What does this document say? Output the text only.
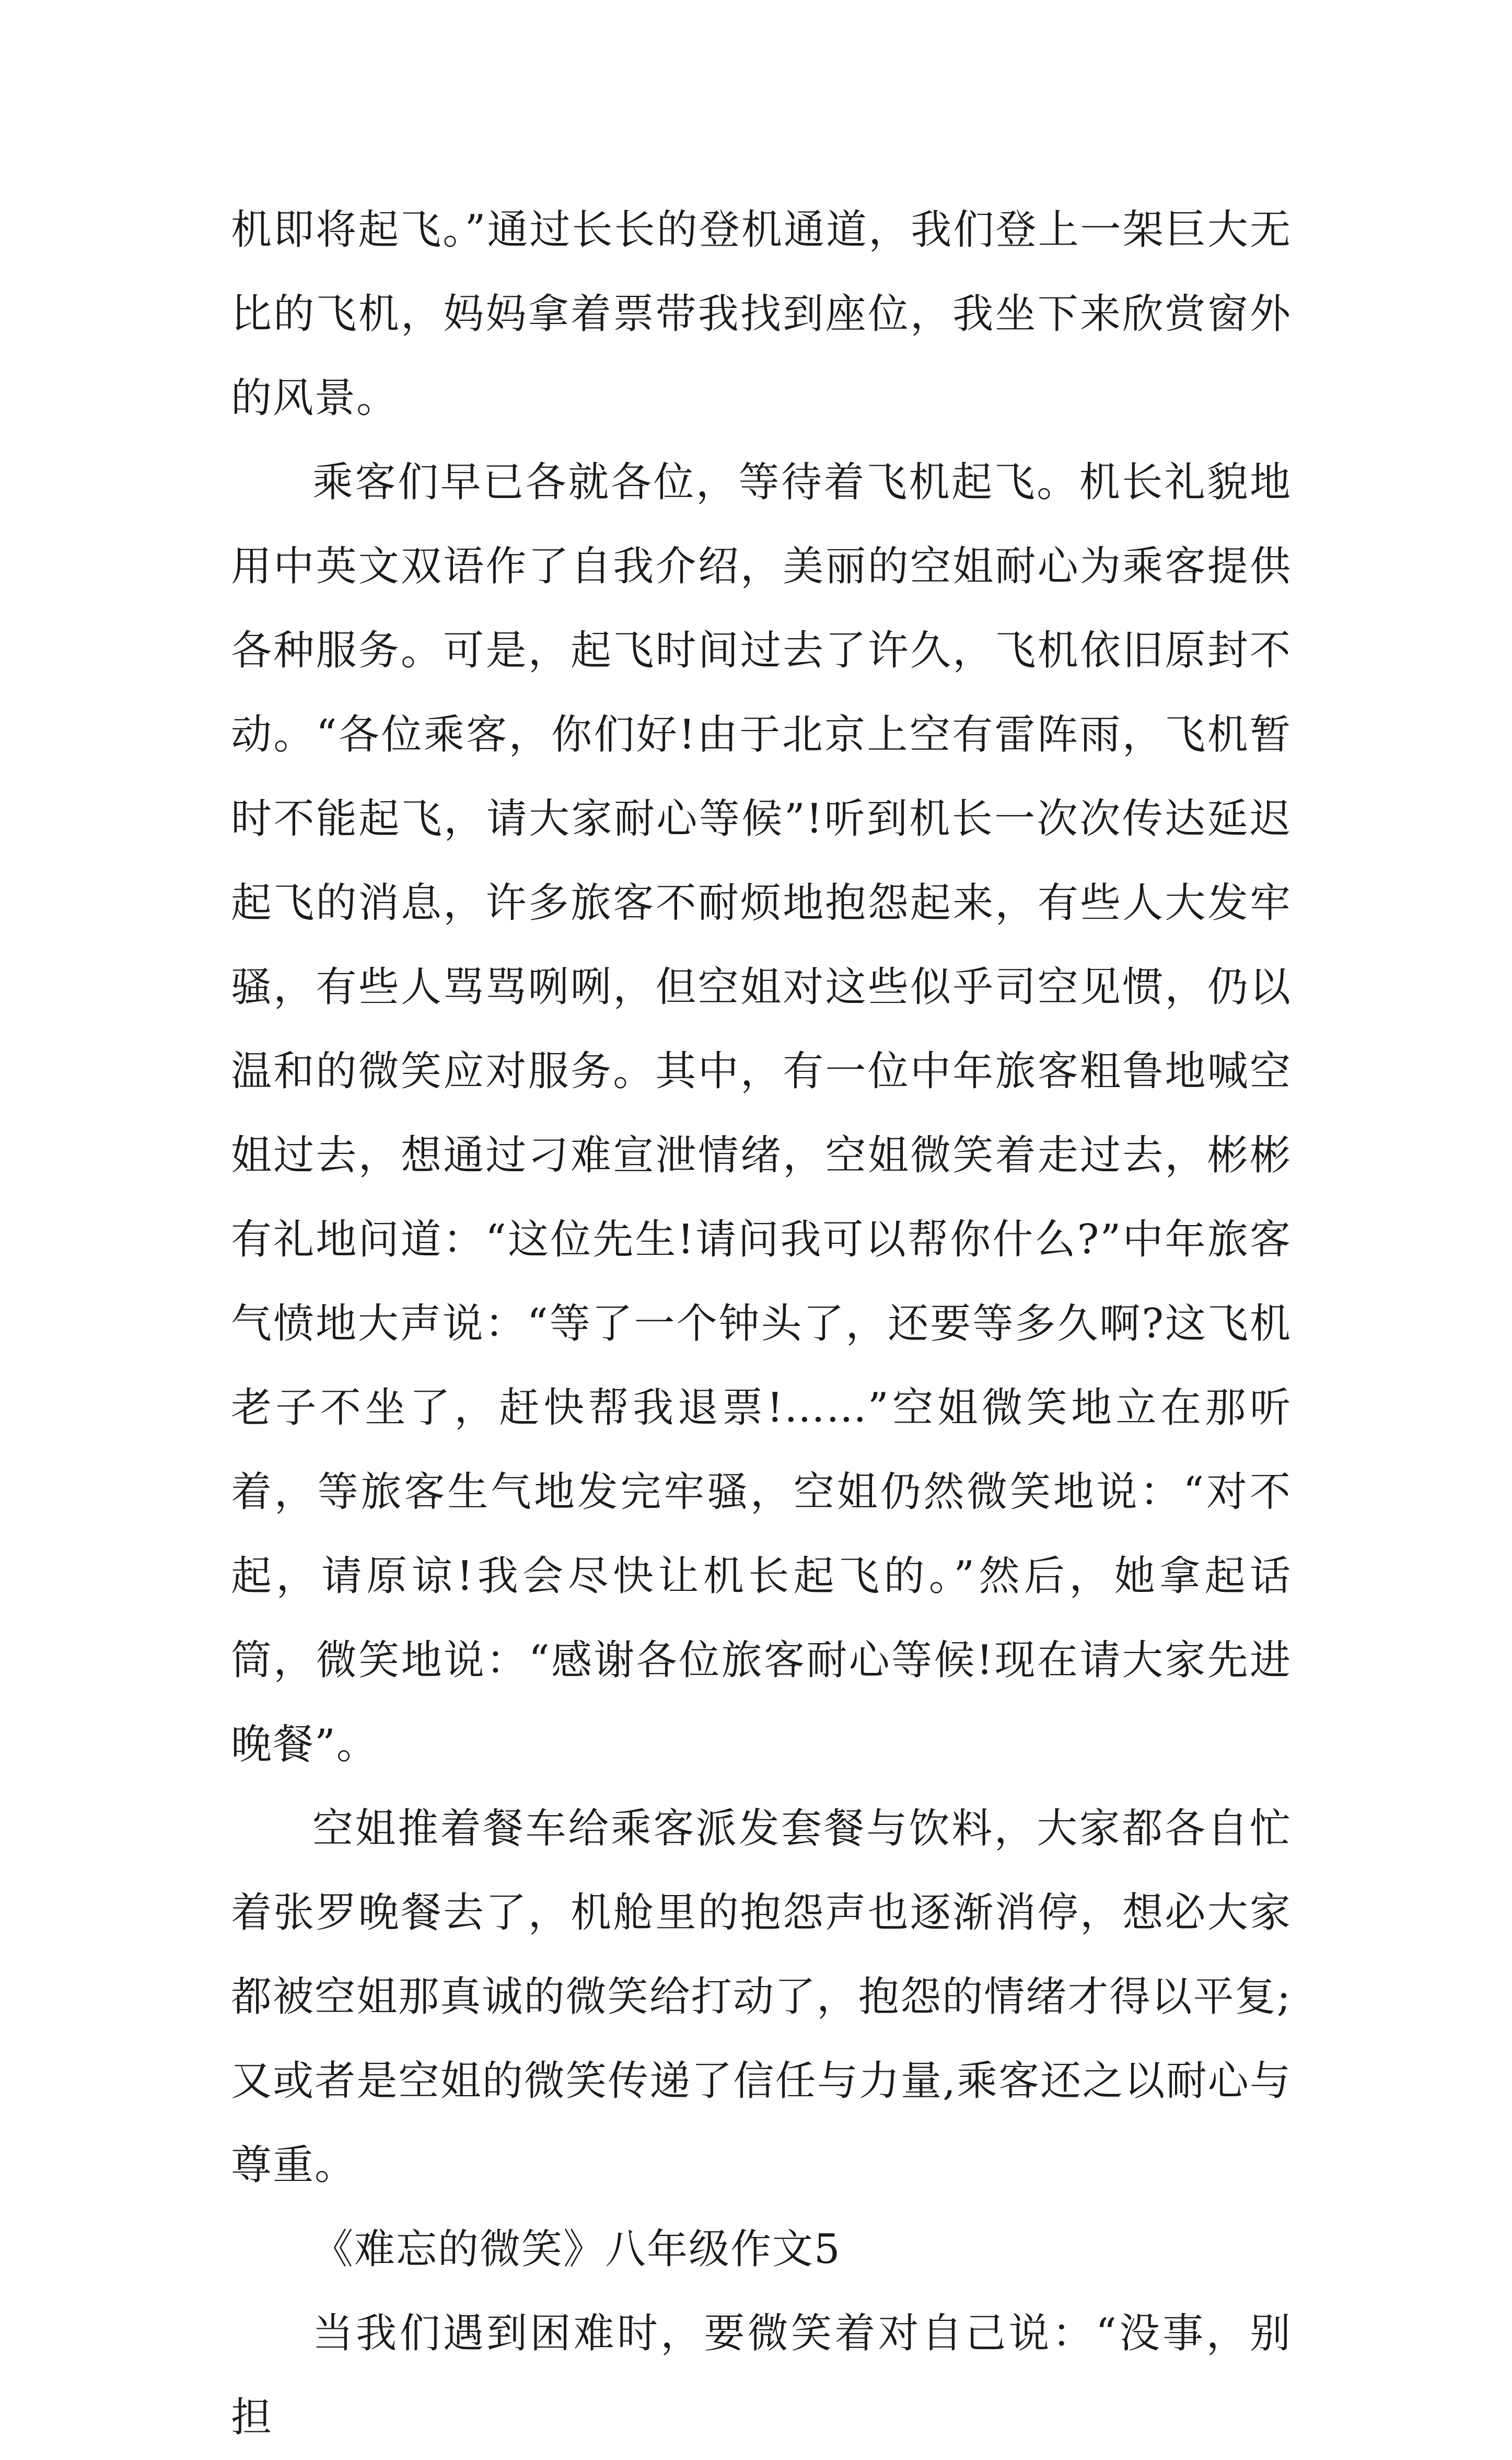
机即将起飞。”通过长长的登机通道，我们登上一架巨大无比的飞机，妈妈拿着票带我找到座位，我坐下来欣赏窗外的风景。

乘客们早已各就各位，等待着飞机起飞。机长礼貌地用中英文双语作了自我介绍，美丽的空姐耐心为乘客提供各种服务。可是，起飞时间过去了许久，飞机依旧原封不动。“各位乘客，你们好!由于北京上空有雷阵雨，飞机暂时不能起飞，请大家耐心等候”!听到机长一次次传达延迟起飞的消息，许多旅客不耐烦地抱怨起来，有些人大发牢骚，有些人骂骂咧咧，但空姐对这些似乎司空见惯，仍以温和的微笑应对服务。其中，有一位中年旅客粗鲁地喊空姐过去，想通过刁难宣泄情绪，空姐微笑着走过去，彬彬有礼地问道：“这位先生!请问我可以帮你什么?”中年旅客气愤地大声说：“等了一个钟头了，还要等多久啊?这飞机老子不坐了，赶快帮我退票!……”空姐微笑地立在那听着，等旅客生气地发完牢骚，空姐仍然微笑地说：“对不起，请原谅!我会尽快让机长起飞的。”然后，她拿起话筒，微笑地说：“感谢各位旅客耐心等候!现在请大家先进晚餐”。

空姐推着餐车给乘客派发套餐与饮料，大家都各自忙着张罗晚餐去了，机舱里的抱怨声也逐渐消停，想必大家都被空姐那真诚的微笑给打动了，抱怨的情绪才得以平复;又或者是空姐的微笑传递了信任与力量,乘客还之以耐心与尊重。

《难忘的微笑》八年级作文5

当我们遇到困难时，要微笑着对自己说：“没事，别担
